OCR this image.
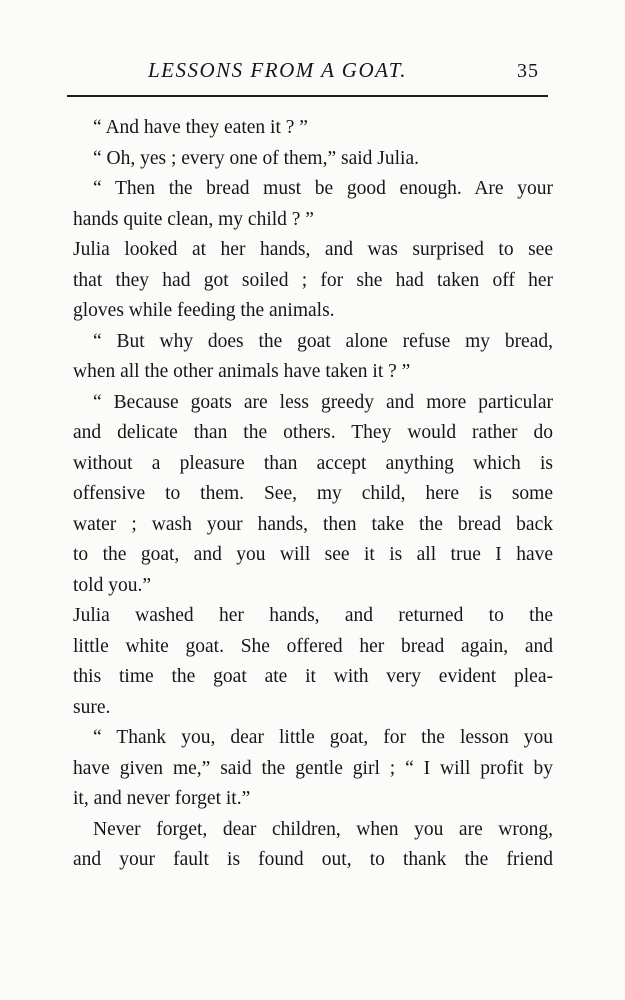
LESSONS FROM A GOAT.	35
“ And have they eaten it ? ”
“ Oh, yes ; every one of them,” said Julia.
“ Then the bread must be good enough. Are your
hands quite clean, my child ? ”
Julia looked at her hands, and was surprised to see
that they had got soiled ; for she had taken off her
gloves while feeding the animals.
“ But why does the goat alone refuse my bread,
when all the other animals have taken it ? ”
“ Because goats are less greedy and more particular
and delicate than the others. They would rather do
without a pleasure than accept anything which is
offensive to them. See, my child, here is some
water ; wash your hands, then take the bread back
to the goat, and you will see it is all true I have
told you.”
Julia washed her hands, and returned to the
little white goat. She offered her bread again, and
this time the goat ate it with very evident plea-
sure.
“ Thank you, dear little goat, for the lesson you
have given me,” said the gentle girl ; “ I will profit by
it, and never forget it.”
Never forget, dear children, when you are wrong,
and your fault is found out, to thank the friend
